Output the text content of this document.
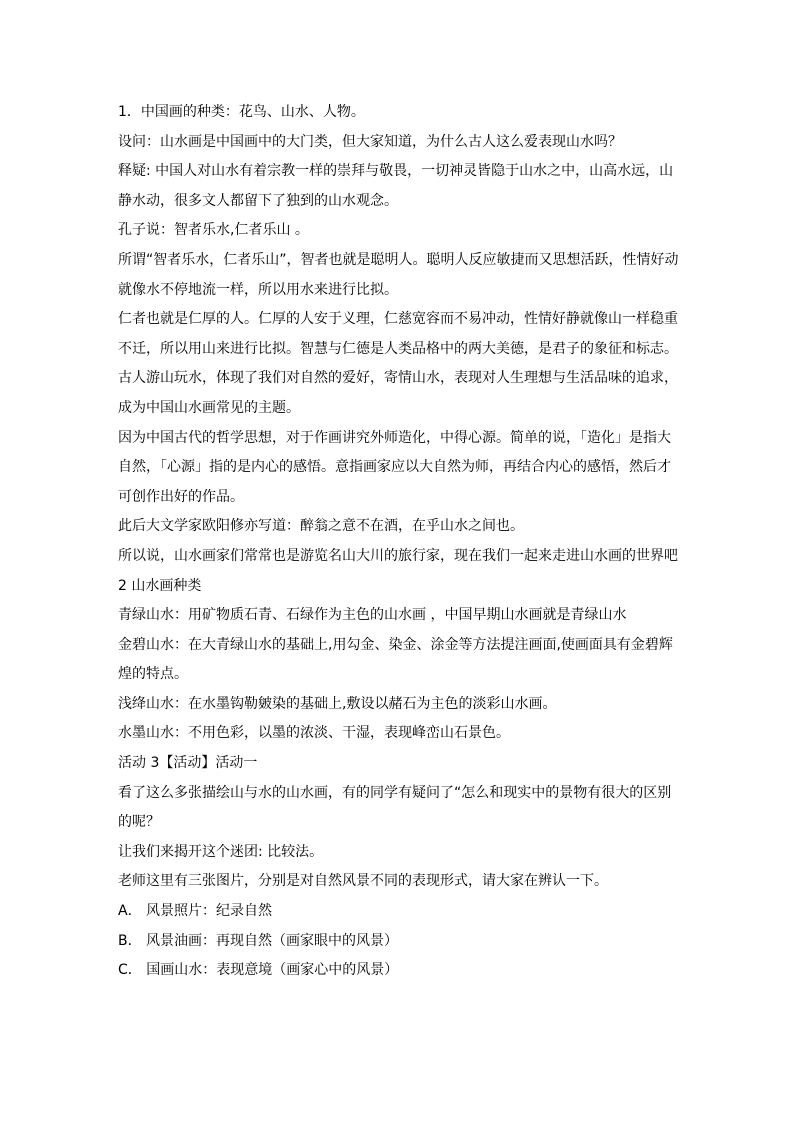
1．中国画的种类：花鸟、山水、人物。

设问：山水画是中国画中的大门类，但大家知道，为什么古人这么爱表现山水吗？

释疑: 中国人对山水有着宗教一样的崇拜与敬畏，一切神灵皆隐于山水之中，山高水远，山

静水动，很多文人都留下了独到的山水观念。

孔子说：智者乐水,仁者乐山 。

所谓“智者乐水，仁者乐山”，智者也就是聪明人。聪明人反应敏捷而又思想活跃，性情好动

就像水不停地流一样，所以用水来进行比拟。

仁者也就是仁厚的人。仁厚的人安于义理，仁慈宽容而不易冲动，性情好静就像山一样稳重

不迁，所以用山来进行比拟。智慧与仁德是人类品格中的两大美德，是君子的象征和标志。

古人游山玩水，体现了我们对自然的爱好，寄情山水，表现对人生理想与生活品味的追求，

成为中国山水画常见的主题。

因为中国古代的哲学思想，对于作画讲究外师造化，中得心源。简单的说，「造化」是指大

自然，「心源」指的是内心的感悟。意指画家应以大自然为师，再结合内心的感悟，然后才

可创作出好的作品。

此后大文学家欧阳修亦写道：醉翁之意不在酒，在乎山水之间也。

所以说，山水画家们常常也是游览名山大川的旅行家，现在我们一起来走进山水画的世界吧

2 山水画种类

青绿山水：用矿物质石青、石绿作为主色的山水画 ，中国早期山水画就是青绿山水

金碧山水：在大青绿山水的基础上,用勾金、染金、涂金等方法提注画面,使画面具有金碧辉

煌的特点。

浅绛山水：在水墨钩勒皴染的基础上,敷设以赭石为主色的淡彩山水画。

水墨山水：不用色彩，以墨的浓淡、干湿，表现峰峦山石景色。

活动 3【活动】活动一

看了这么多张描绘山与水的山水画，有的同学有疑问了“怎么和现实中的景物有很大的区别

的呢？

让我们来揭开这个迷团: 比较法。

老师这里有三张图片，分别是对自然风景不同的表现形式，请大家在辨认一下。

A． 风景照片：纪录自然

B． 风景油画：再现自然（画家眼中的风景）

C． 国画山水：表现意境（画家心中的风景）
